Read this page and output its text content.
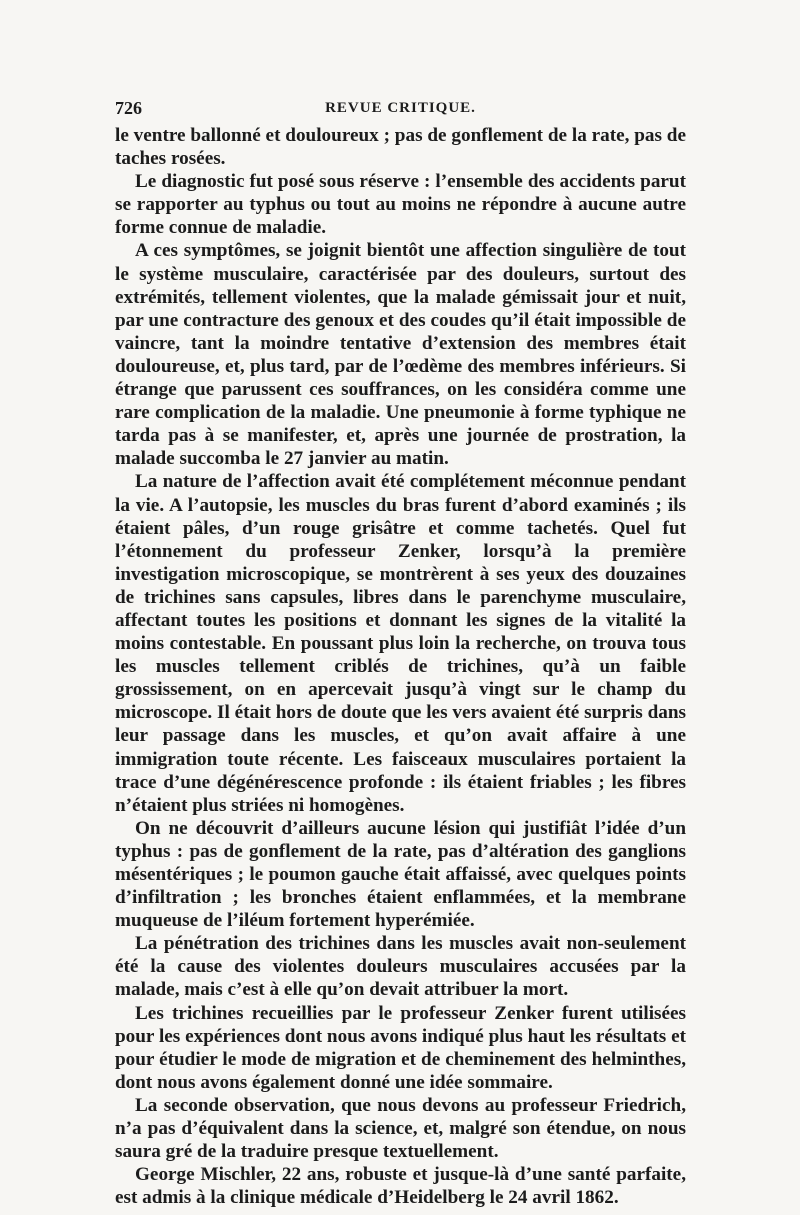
726	REVUE CRITIQUE.

le ventre ballonné et douloureux ; pas de gonflement de la rate, pas de taches rosées.

Le diagnostic fut posé sous réserve : l’ensemble des accidents parut se rapporter au typhus ou tout au moins ne répondre à aucune autre forme connue de maladie.

A ces symptômes, se joignit bientôt une affection singulière de tout le système musculaire, caractérisée par des douleurs, surtout des extrémités, tellement violentes, que la malade gémissait jour et nuit, par une contracture des genoux et des coudes qu’il était impossible de vaincre, tant la moindre tentative d’extension des membres était douloureuse, et, plus tard, par de l’œdème des membres inférieurs. Si étrange que parussent ces souffrances, on les considéra comme une rare complication de la maladie. Une pneumonie à forme typhique ne tarda pas à se manifester, et, après une journée de prostration, la malade succomba le 27 janvier au matin.

La nature de l’affection avait été complétement méconnue pendant la vie. A l’autopsie, les muscles du bras furent d’abord examinés ; ils étaient pâles, d’un rouge grisâtre et comme tachetés. Quel fut l’étonnement du professeur Zenker, lorsqu’à la première investigation microscopique, se montrèrent à ses yeux des douzaines de trichines sans capsules, libres dans le parenchyme musculaire, affectant toutes les positions et donnant les signes de la vitalité la moins contestable. En poussant plus loin la recherche, on trouva tous les muscles tellement criblés de trichines, qu’à un faible grossissement, on en apercevait jusqu’à vingt sur le champ du microscope. Il était hors de doute que les vers avaient été surpris dans leur passage dans les muscles, et qu’on avait affaire à une immigration toute récente. Les faisceaux musculaires portaient la trace d’une dégénérescence profonde : ils étaient friables ; les fibres n’étaient plus striées ni homogènes.

On ne découvrit d’ailleurs aucune lésion qui justifiât l’idée d’un typhus : pas de gonflement de la rate, pas d’altération des ganglions mésentériques ; le poumon gauche était affaissé, avec quelques points d’infiltration ; les bronches étaient enflammées, et la membrane muqueuse de l’iléum fortement hyperémiée.

La pénétration des trichines dans les muscles avait non-seulement été la cause des violentes douleurs musculaires accusées par la malade, mais c’est à elle qu’on devait attribuer la mort.

Les trichines recueillies par le professeur Zenker furent utilisées pour les expériences dont nous avons indiqué plus haut les résultats et pour étudier le mode de migration et de cheminement des helminthes, dont nous avons également donné une idée sommaire.

La seconde observation, que nous devons au professeur Friedrich, n’a pas d’équivalent dans la science, et, malgré son étendue, on nous saura gré de la traduire presque textuellement.

George Mischler, 22 ans, robuste et jusque-là d’une santé parfaite, est admis à la clinique médicale d’Heidelberg le 24 avril 1862.
